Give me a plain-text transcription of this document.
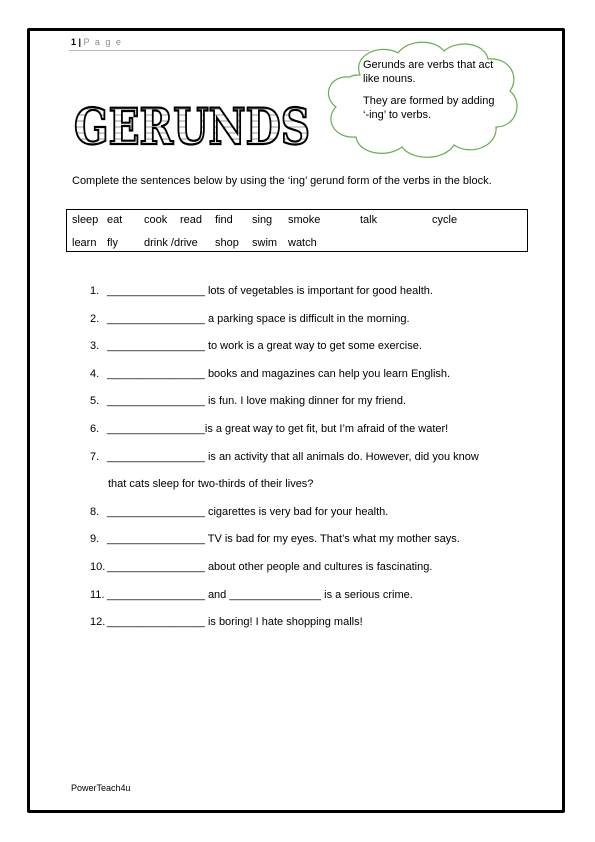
1 | P a g e

Gerunds are verbs that act like nouns.

They are formed by adding ‘-ing’ to verbs.

GERUNDS
Complete the sentences below by using the ‘ing’ gerund form of the verbs in the block.
sleep eat cook read find sing smoke	talk	cycle
learn fly drink /drive shop swim watch
1. ________________ lots of vegetables is important for good health.
2. ________________ a parking space is difficult in the morning.
3. ________________ to work is a great way to get some exercise.
4. ________________ books and magazines can help you learn English.
5. ________________ is fun. I love making dinner for my friend.
6. ________________is a great way to get fit, but I’m afraid of the water!
7. ________________ is an activity that all animals do. However, did you know
that cats sleep for two-thirds of their lives?
8. ________________ cigarettes is very bad for your health.
9. ________________ TV is bad for my eyes. That’s what my mother says.
10. ________________ about other people and cultures is fascinating.
11. ________________ and _______________ is a serious crime.
12. ________________ is boring! I hate shopping malls!
PowerTeach4u
